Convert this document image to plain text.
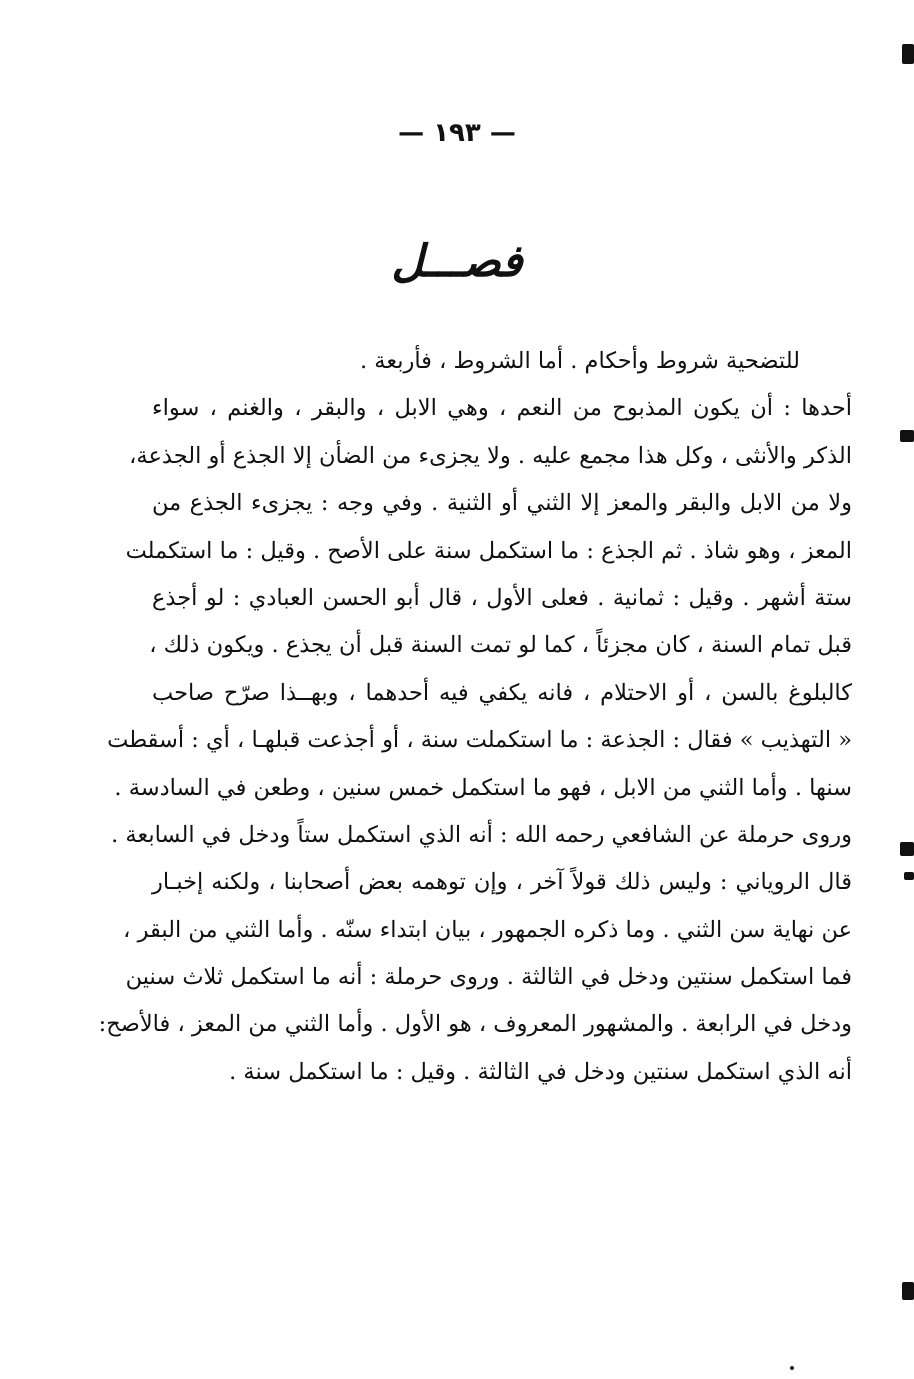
— ١٩٣ —
فصـــل
للتضحية شروط وأحكام . أما الشروط ، فأربعة .
أحدها : أن يكون المذبوح من النعم ، وهي الابل ، والبقر ، والغنم ، سواء
الذكر والأنثى ، وكل هذا مجمع عليه . ولا يجزىء من الضأن إلا الجذع أو الجذعة،
ولا من الابل والبقر والمعز إلا الثني أو الثنية . وفي وجه : يجزىء الجذع من
المعز ، وهو شاذ . ثم الجذع : ما استكمل سنة على الأصح . وقيل : ما استكملت
ستة أشهر . وقيل : ثمانية . فعلى الأول ، قال أبو الحسن العبادي : لو أجذع
قبل تمام السنة ، كان مجزئاً ، كما لو تمت السنة قبل أن يجذع . ويكون ذلك ،
كالبلوغ بالسن ، أو الاحتلام ، فانه يكفي فيه أحدهما ، وبهــذا صرّح صاحب
« التهذيب » فقال : الجذعة : ما استكملت سنة ، أو أجذعت قبلهـا ، أي : أسقطت
سنها . وأما الثني من الابل ، فهو ما استكمل خمس سنين ، وطعن في السادسة .
وروى حرملة عن الشافعي رحمه الله : أنه الذي استكمل ستاً ودخل في السابعة .
قال الروياني : وليس ذلك قولاً آخر ، وإن توهمه بعض أصحابنا ، ولكنه إخبـار
عن نهاية سن الثني . وما ذكره الجمهور ، بيان ابتداء سنّه . وأما الثني من البقر ،
فما استكمل سنتين ودخل في الثالثة . وروى حرملة : أنه ما استكمل ثلاث سنين
ودخل في الرابعة . والمشهور المعروف ، هو الأول . وأما الثني من المعز ، فالأصح:
أنه الذي استكمل سنتين ودخل في الثالثة . وقيل : ما استكمل سنة .
